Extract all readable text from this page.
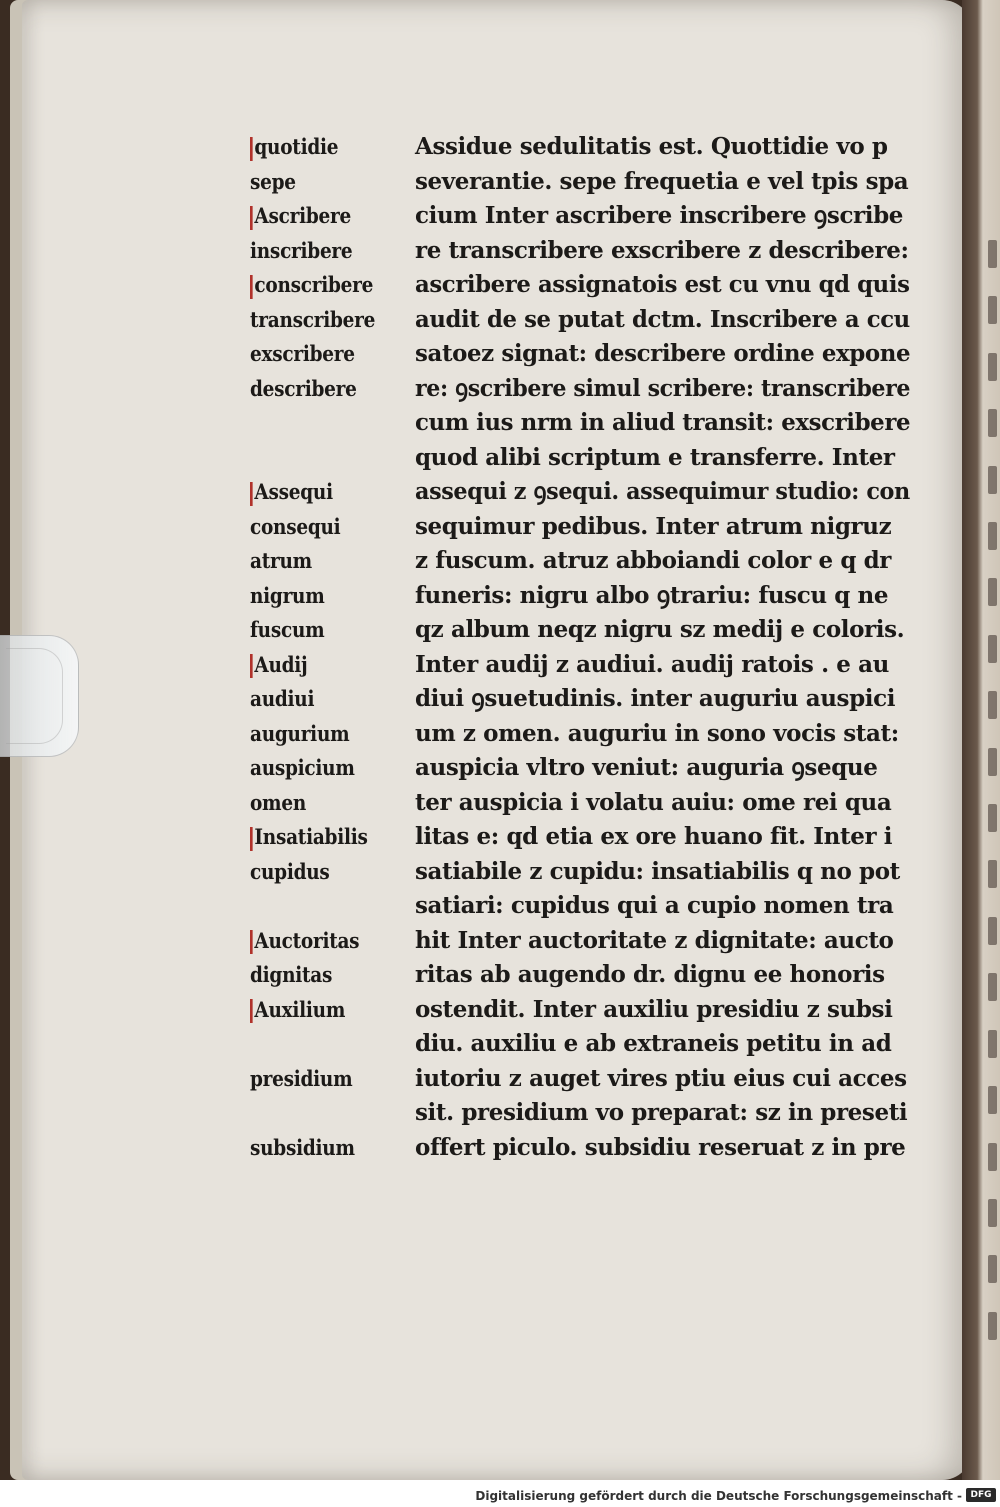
quotidie	Assidue sedulitatis est. Quottidie vo p
sepe	severantie. sepe frequetia e vel tpis spa
Ascribere	cium Inter ascribere inscribere ꝯscribe
inscribere	re transcribere exscribere z describere:
conscribere	ascribere assignatois est cu vnu qd quis
transcribere	audit de se putat dctm. Inscribere a ccu
exscribere	satoez signat: describere ordine expone
describere	re: ꝯscribere simul scribere: transcribere
cum ius nrm in aliud transit: exscribere
quod alibi scriptum e transferre. Inter
Assequi	assequi z ꝯsequi. assequimur studio: con
consequi	sequimur pedibus. Inter atrum nigruz
atrum	z fuscum. atruz abboiandi color e q dr
nigrum	funeris: nigru albo ꝯtrariu: fuscu q ne
fuscum	qz album neqz nigru sz medij e coloris.
Audij	Inter audij z audiui. audij ratois . e au
audiui	diui ꝯsuetudinis. inter auguriu auspici
augurium	um z omen. auguriu in sono vocis stat:
auspicium	auspicia vltro veniut: auguria ꝯseque
omen	ter auspicia i volatu auiu: ome rei qua
Insatiabilis	litas e: qd etia ex ore huano fit. Inter i
cupidus	satiabile z cupidu: insatiabilis q no pot
satiari: cupidus qui a cupio nomen tra
Auctoritas	hit Inter auctoritate z dignitate: aucto
dignitas	ritas ab augendo dr. dignu ee honoris
Auxilium	ostendit. Inter auxiliu presidiu z subsi
diu. auxiliu e ab extraneis petitu in ad
presidium	iutoriu z auget vires ptiu eius cui acces
sit. presidium vo preparat: sz in preseti
subsidium	offert piculo. subsidiu reseruat z in pre
Digitalisierung gefördert durch die Deutsche Forschungsgemeinschaft - DFG
